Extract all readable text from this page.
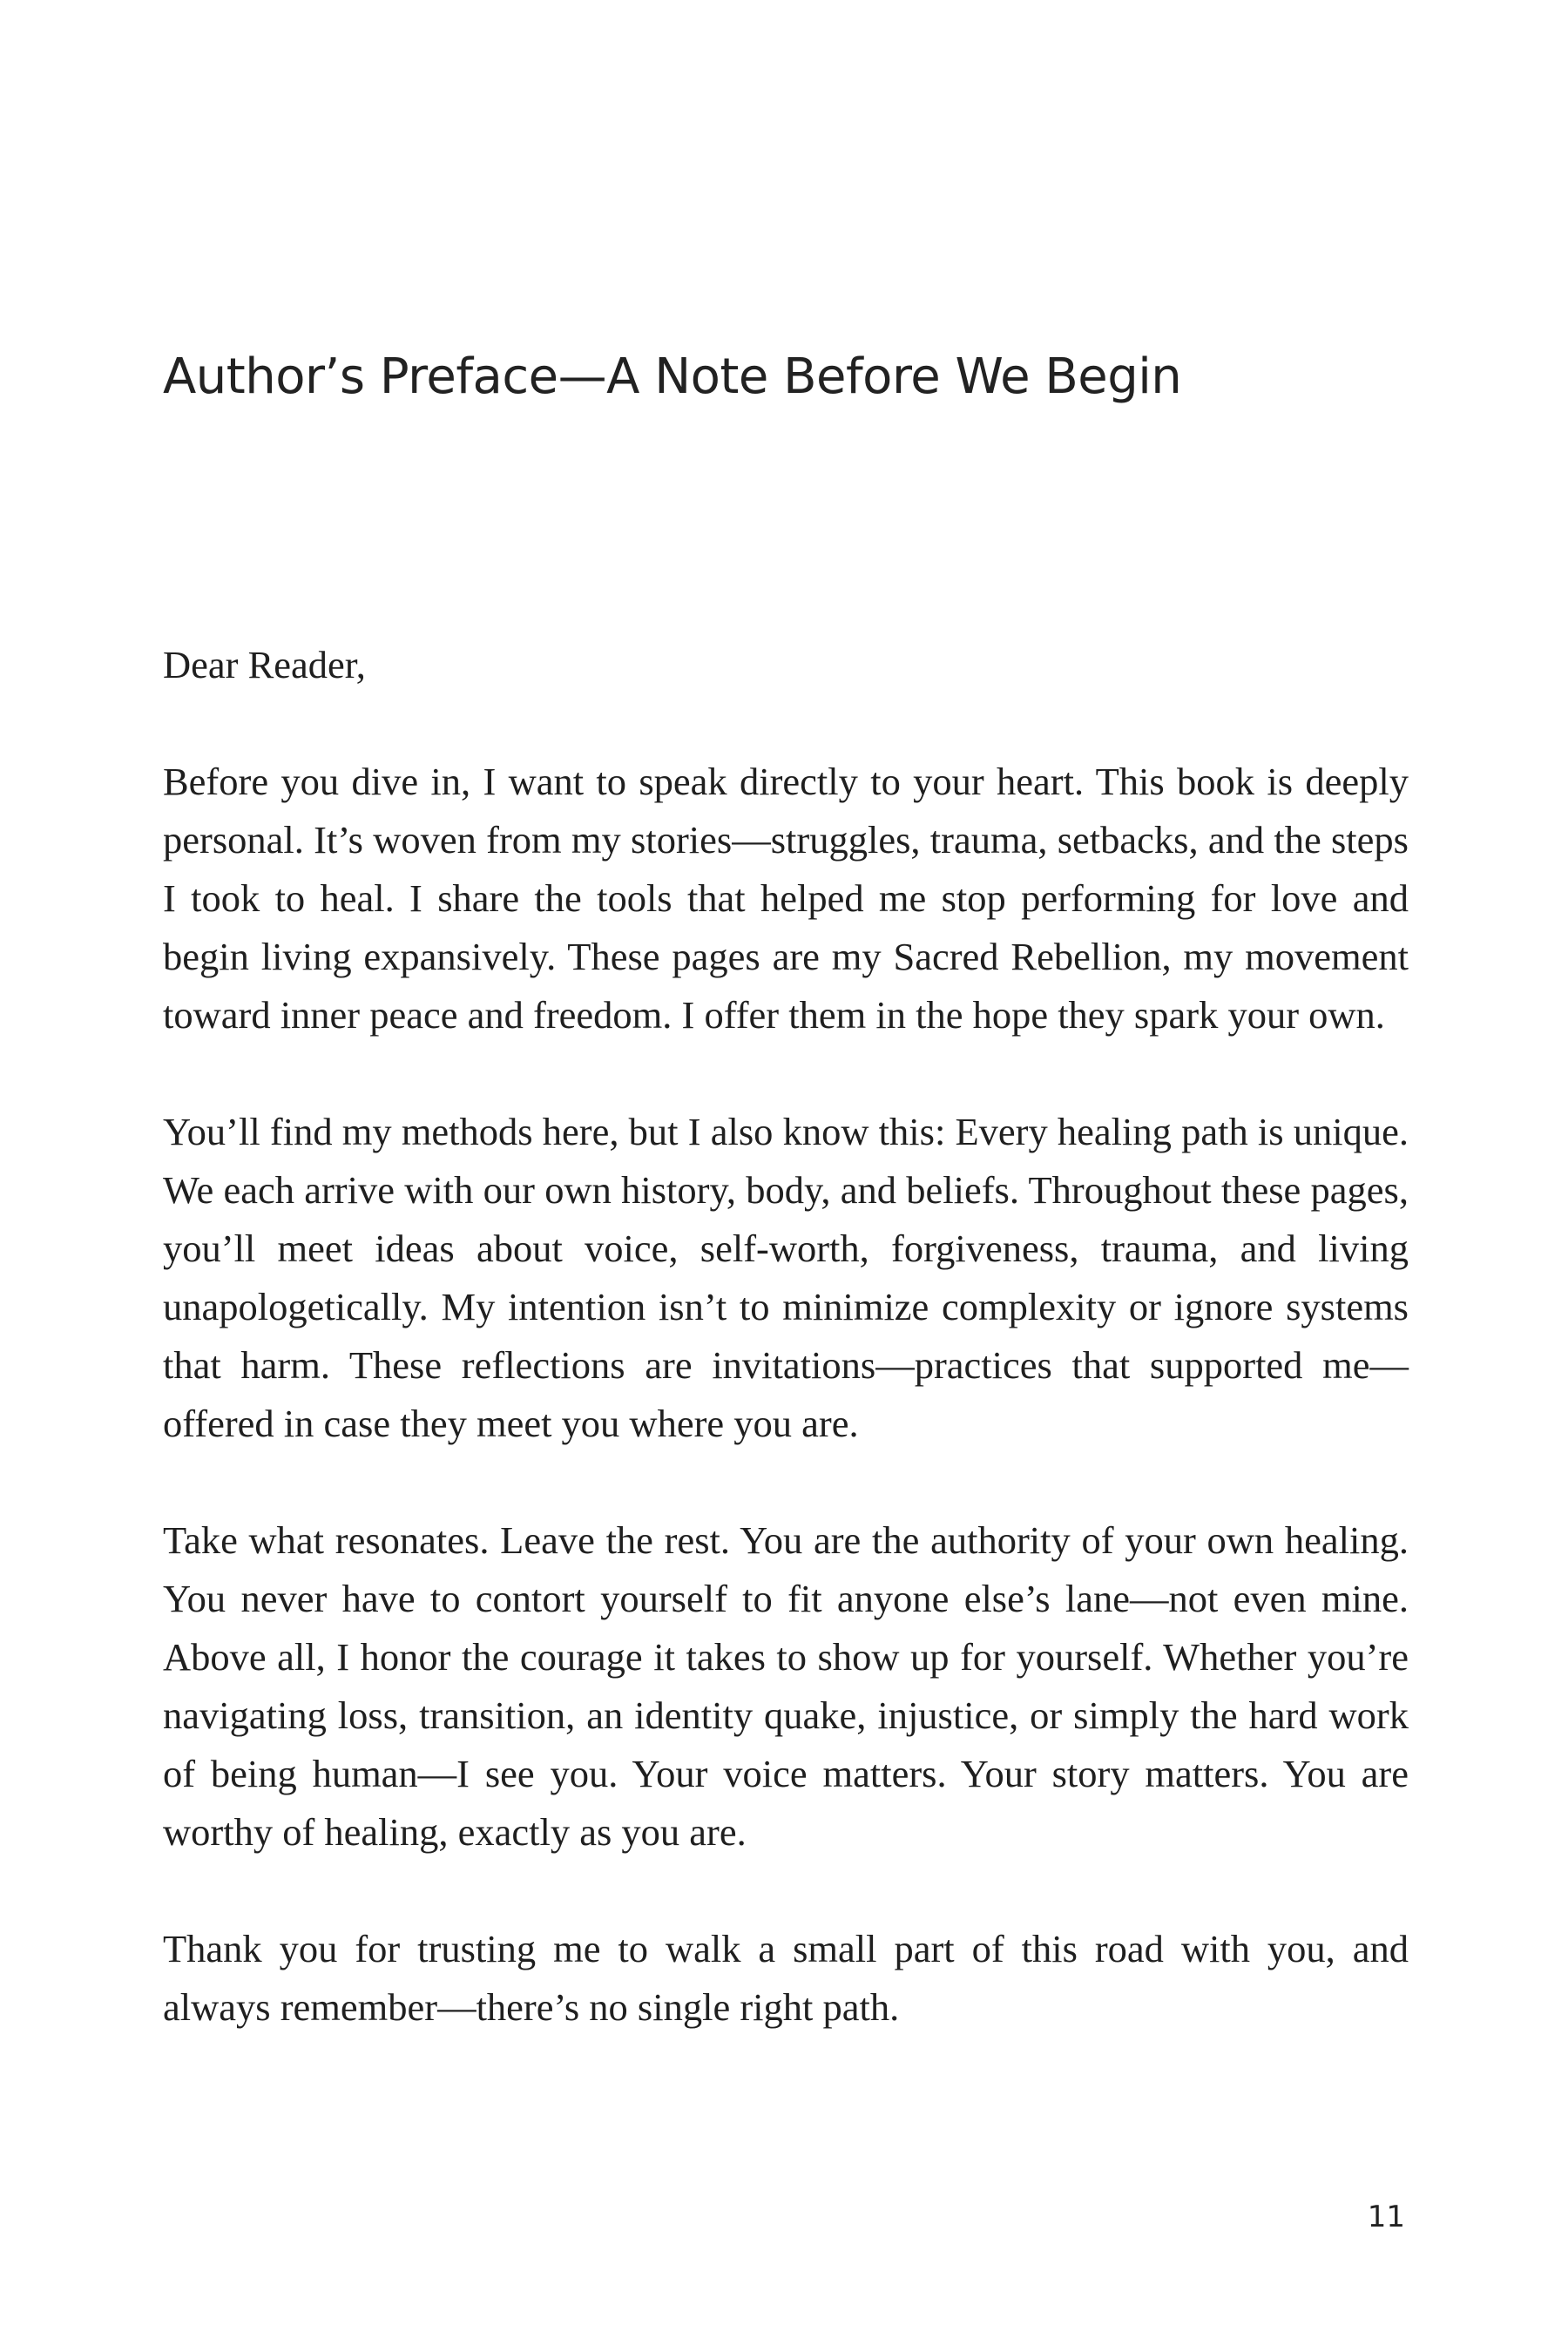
Author’s Preface—A Note Before We Begin

Dear Reader,

Before you dive in, I want to speak directly to your heart. This book is deeply personal. It’s woven from my stories—struggles, trauma, setbacks, and the steps I took to heal. I share the tools that helped me stop performing for love and begin living expansively. These pages are my Sacred Rebellion, my movement toward inner peace and freedom. I offer them in the hope they spark your own.

You’ll find my methods here, but I also know this: Every healing path is unique. We each arrive with our own history, body, and beliefs. Throughout these pages, you’ll meet ideas about voice, self-worth, forgiveness, trauma, and living unapologetically. My intention isn’t to minimize complexity or ignore systems that harm. These reflections are invitations—practices that supported me—offered in case they meet you where you are.

Take what resonates. Leave the rest. You are the authority of your own healing. You never have to contort yourself to fit anyone else’s lane—not even mine. Above all, I honor the courage it takes to show up for yourself. Whether you’re navigating loss, transition, an identity quake, injustice, or simply the hard work of being human—I see you. Your voice matters. Your story matters. You are worthy of healing, exactly as you are.

Thank you for trusting me to walk a small part of this road with you, and always remember—there’s no single right path.

11
